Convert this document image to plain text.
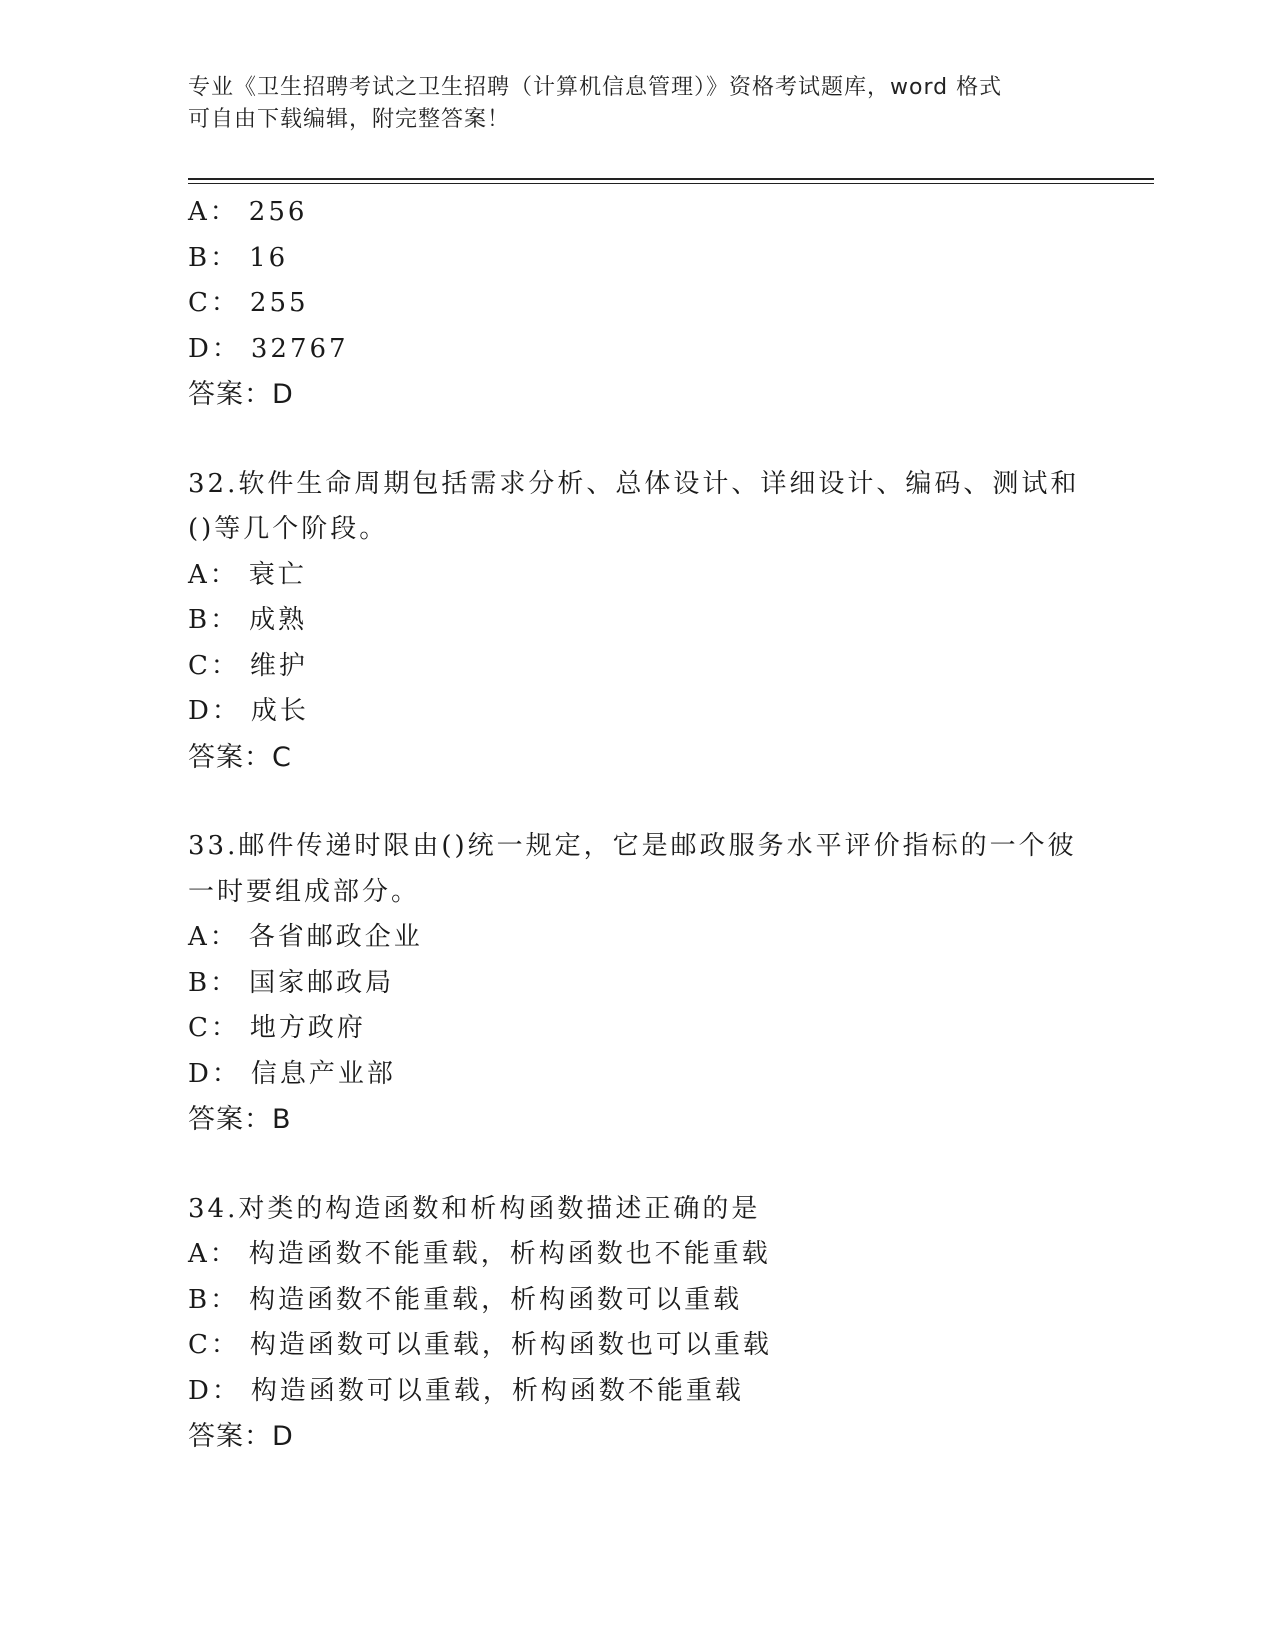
专业《卫生招聘考试之卫生招聘（计算机信息管理）》资格考试题库，word 格式
可自由下载编辑，附完整答案！
A： 256
B： 16
C： 255
D： 32767
答案：D
32.软件生命周期包括需求分析、总体设计、详细设计、编码、测试和
()等几个阶段。
A： 衰亡
B： 成熟
C： 维护
D： 成长
答案：C
33.邮件传递时限由()统一规定，它是邮政服务水平评价指标的一个彼
一时要组成部分。
A： 各省邮政企业
B： 国家邮政局
C： 地方政府
D： 信息产业部
答案：B
34.对类的构造函数和析构函数描述正确的是
A： 构造函数不能重载，析构函数也不能重载
B： 构造函数不能重载，析构函数可以重载
C： 构造函数可以重载，析构函数也可以重载
D： 构造函数可以重载，析构函数不能重载
答案：D
